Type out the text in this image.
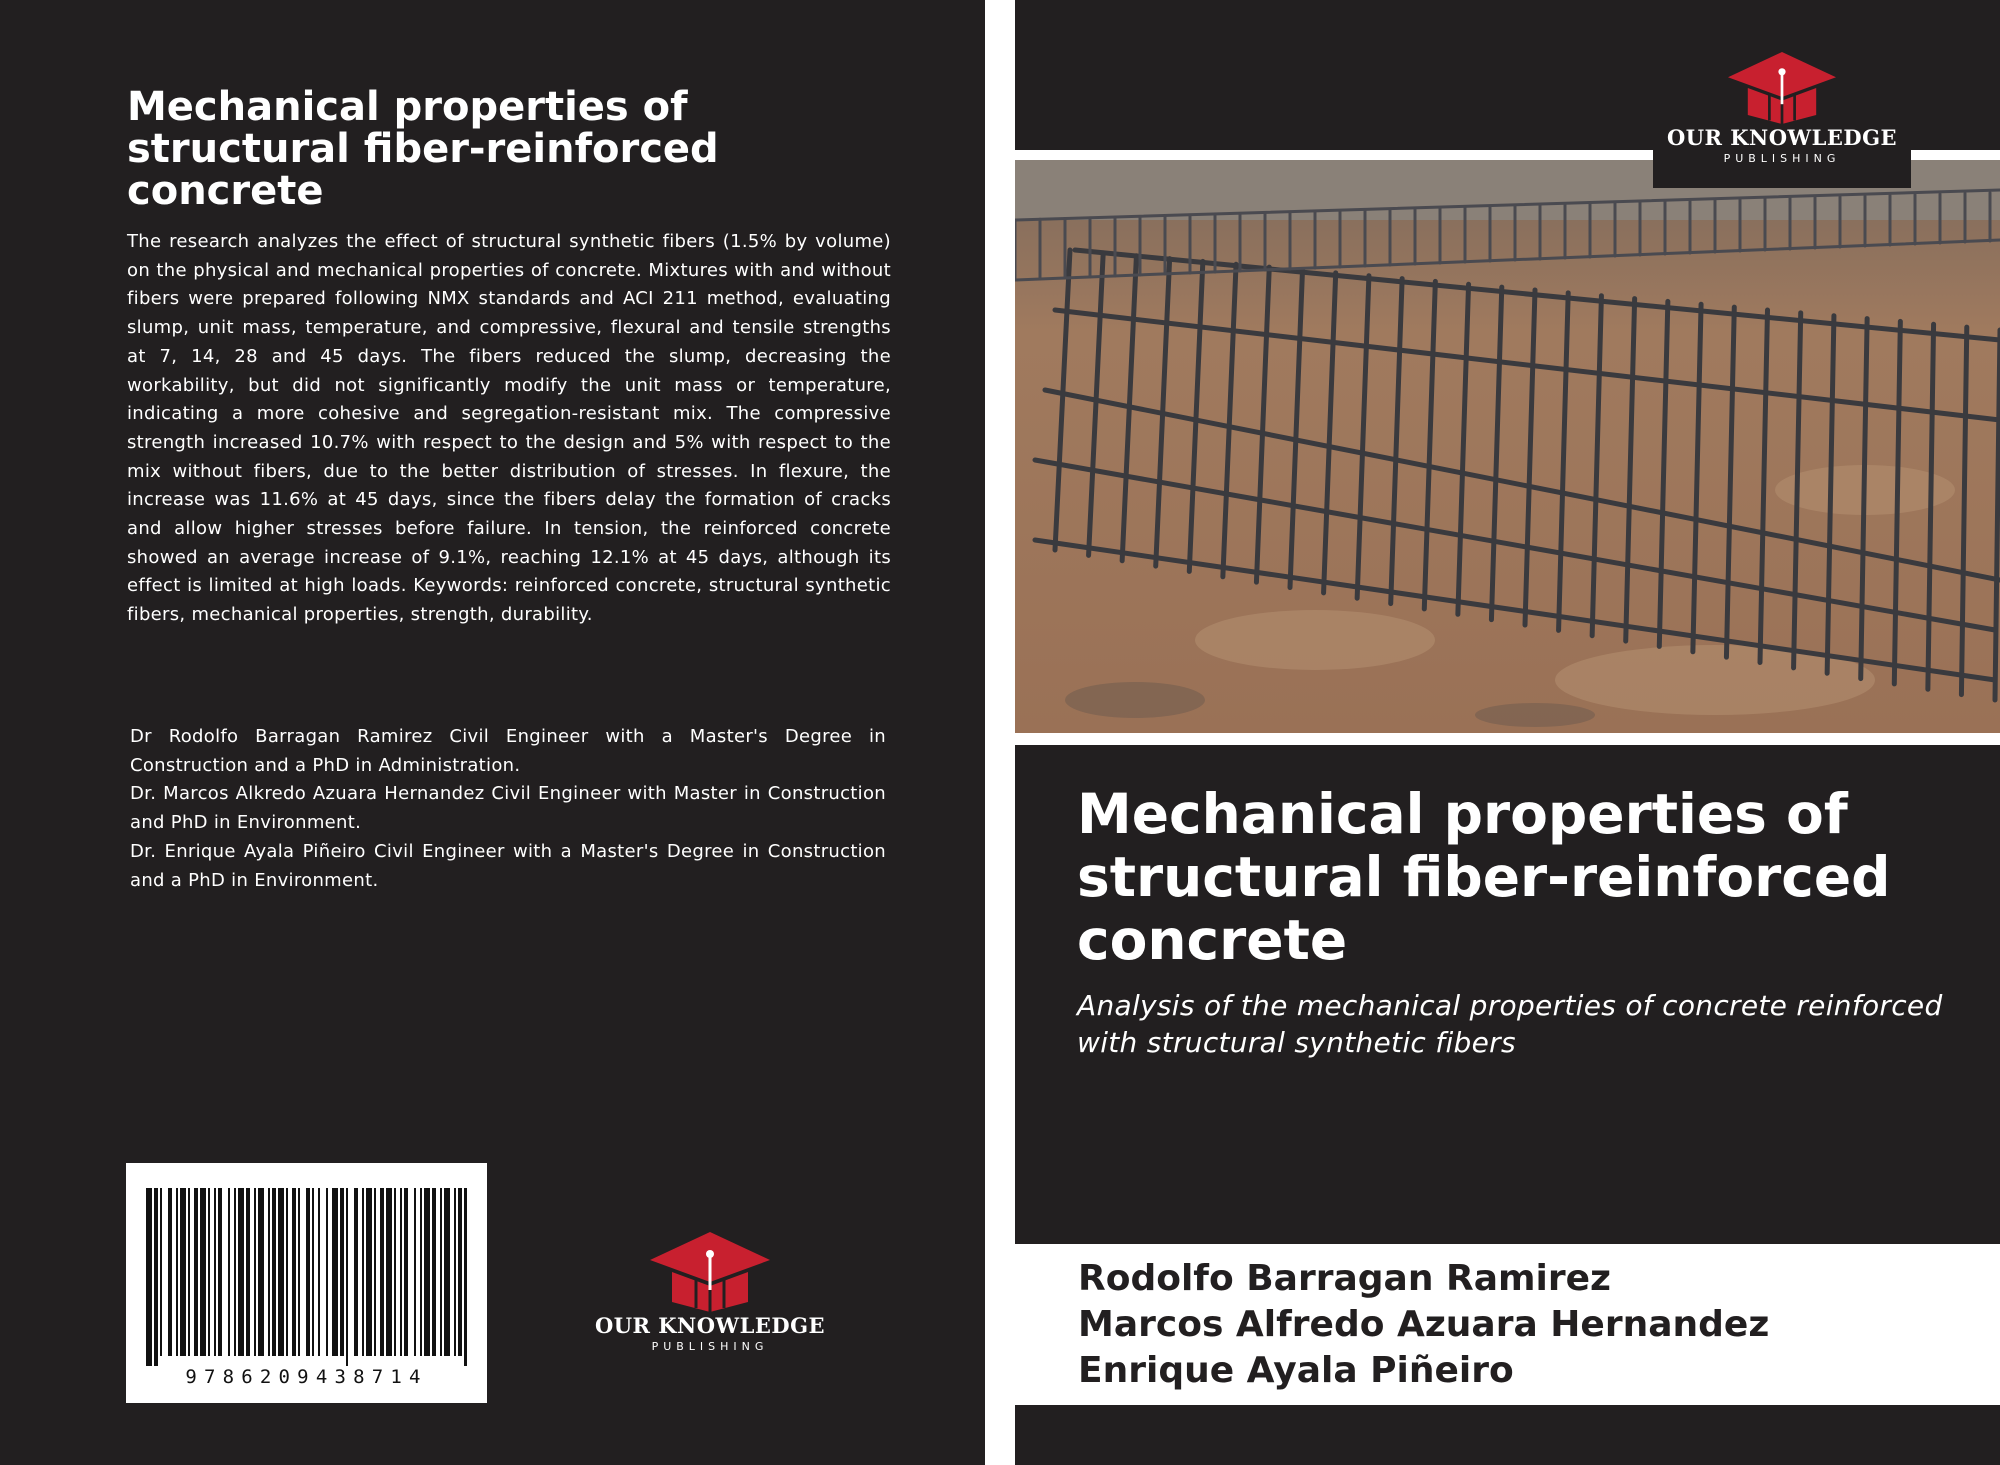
Mechanical properties of structural fiber-reinforced concrete

The research analyzes the effect of structural synthetic fibers (1.5% by volume) on the physical and mechanical properties of concrete. Mixtures with and without fibers were prepared following NMX standards and ACI 211 method, evaluating slump, unit mass, temperature, and compressive, flexural and tensile strengths at 7, 14, 28 and 45 days. The fibers reduced the slump, decreasing the workability, but did not significantly modify the unit mass or temperature, indicating a more cohesive and segregation-resistant mix. The compressive strength increased 10.7% with respect to the design and 5% with respect to the mix without fibers, due to the better distribution of stresses. In flexure, the increase was 11.6% at 45 days, since the fibers delay the formation of cracks and allow higher stresses before failure. In tension, the reinforced concrete showed an average increase of 9.1%, reaching 12.1% at 45 days, although its effect is limited at high loads. Keywords: reinforced concrete, structural synthetic fibers, mechanical properties, strength, durability.

Dr Rodolfo Barragan Ramirez Civil Engineer with a Master's Degree in Construction and a PhD in Administration.

Dr. Marcos Alkredo Azuara Hernandez Civil Engineer with Master in Construction and PhD in Environment.

Dr. Enrique Ayala Piñeiro Civil Engineer with a Master's Degree in Construction and a PhD in Environment.

9786209438714
OUR KNOWLEDGE
PUBLISHING
OUR KNOWLEDGE
PUBLISHING
Mechanical properties of structural fiber-reinforced concrete
Analysis of the mechanical properties of concrete reinforced with structural synthetic fibers
Rodolfo Barragan Ramirez
Marcos Alfredo Azuara Hernandez
Enrique Ayala Piñeiro
